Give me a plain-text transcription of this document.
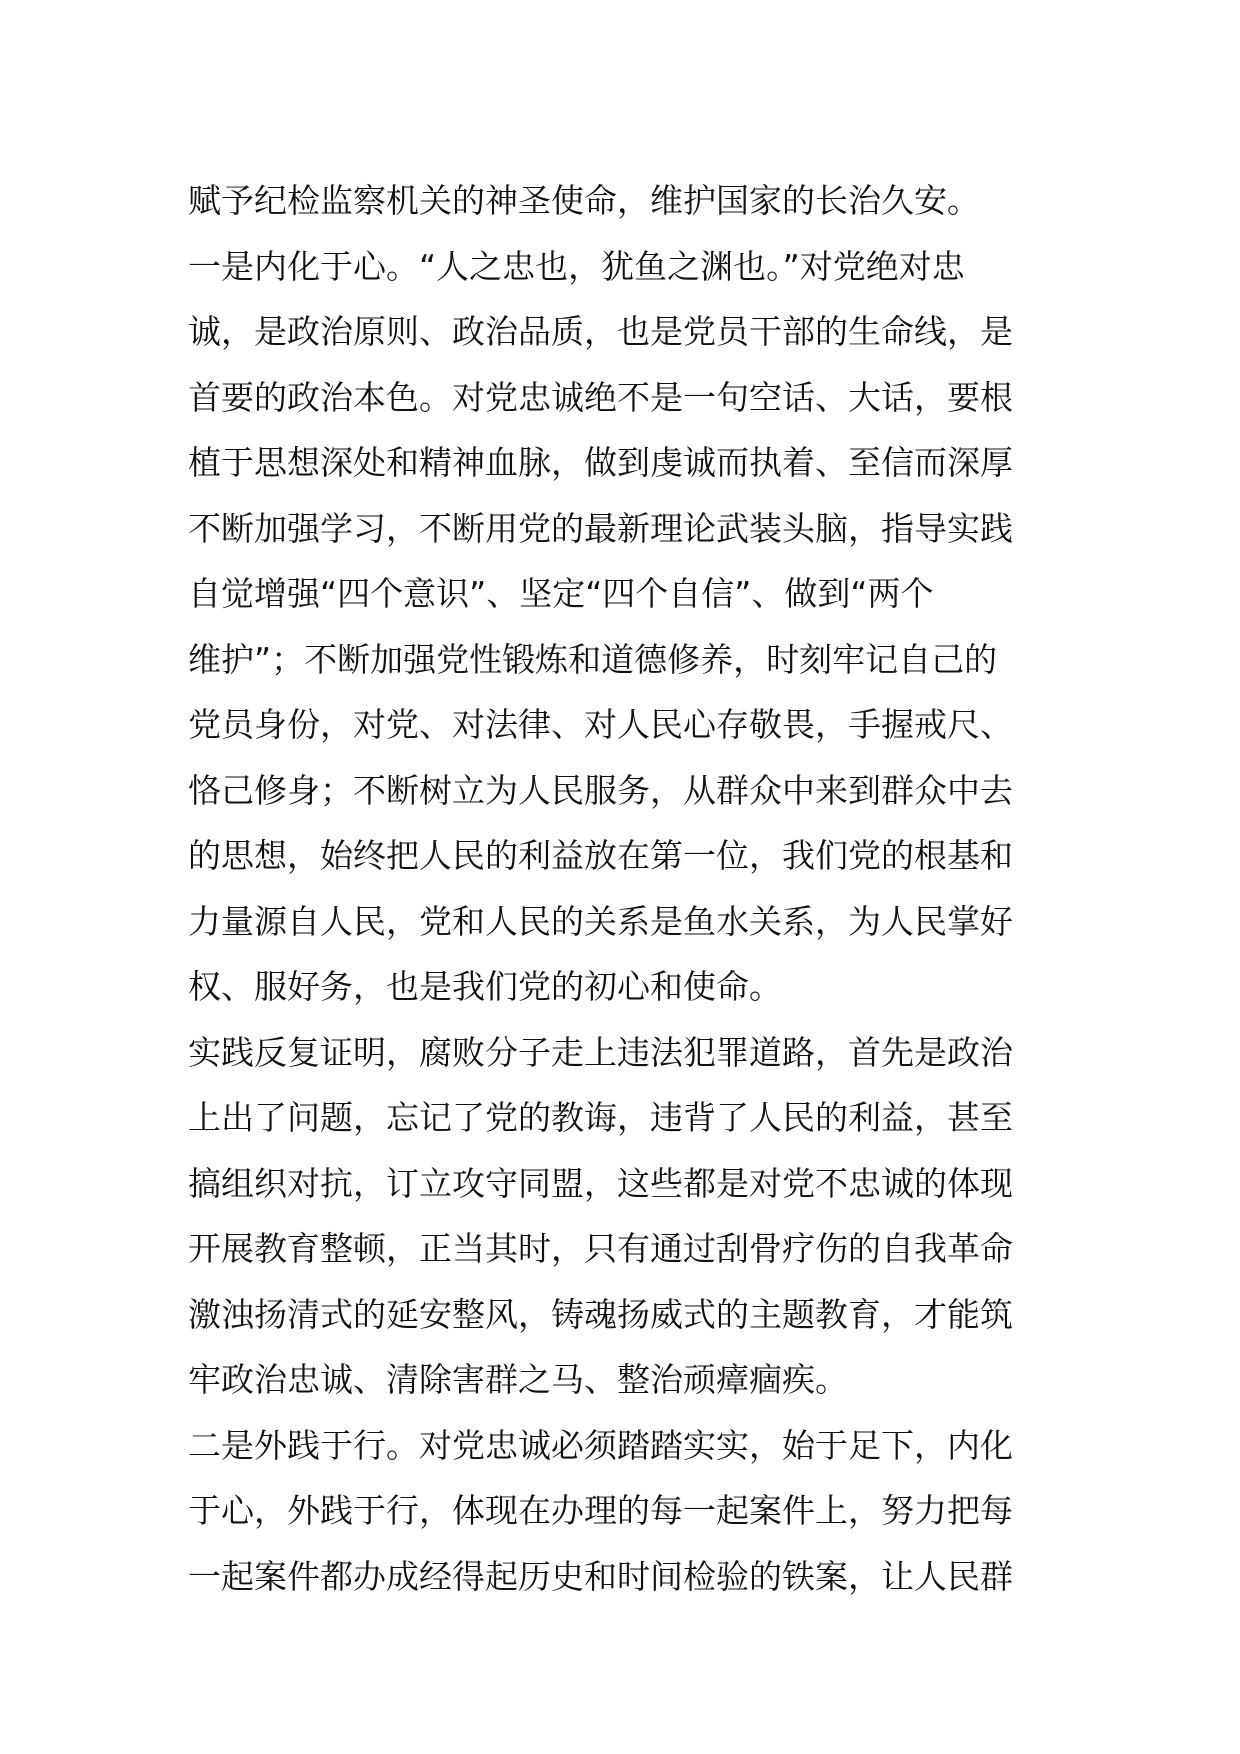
赋予纪检监察机关的神圣使命，维护国家的长治久安。
一是内化于心。“人之忠也，犹鱼之渊也。”对党绝对忠
诚，是政治原则、政治品质，也是党员干部的生命线，是
首要的政治本色。对党忠诚绝不是一句空话、大话，要根
植于思想深处和精神血脉，做到虔诚而执着、至信而深厚
不断加强学习，不断用党的最新理论武装头脑，指导实践
自觉增强“四个意识”、坚定“四个自信”、做到“两个
维护”；不断加强党性锻炼和道德修养，时刻牢记自己的
党员身份，对党、对法律、对人民心存敬畏，手握戒尺、
恪己修身；不断树立为人民服务，从群众中来到群众中去
的思想，始终把人民的利益放在第一位，我们党的根基和
力量源自人民，党和人民的关系是鱼水关系，为人民掌好
权、服好务，也是我们党的初心和使命。
实践反复证明，腐败分子走上违法犯罪道路，首先是政治
上出了问题，忘记了党的教诲，违背了人民的利益，甚至
搞组织对抗，订立攻守同盟，这些都是对党不忠诚的体现
开展教育整顿，正当其时，只有通过刮骨疗伤的自我革命
激浊扬清式的延安整风，铸魂扬威式的主题教育，才能筑
牢政治忠诚、清除害群之马、整治顽瘴痼疾。
二是外践于行。对党忠诚必须踏踏实实，始于足下，内化
于心，外践于行，体现在办理的每一起案件上，努力把每
一起案件都办成经得起历史和时间检验的铁案，让人民群
